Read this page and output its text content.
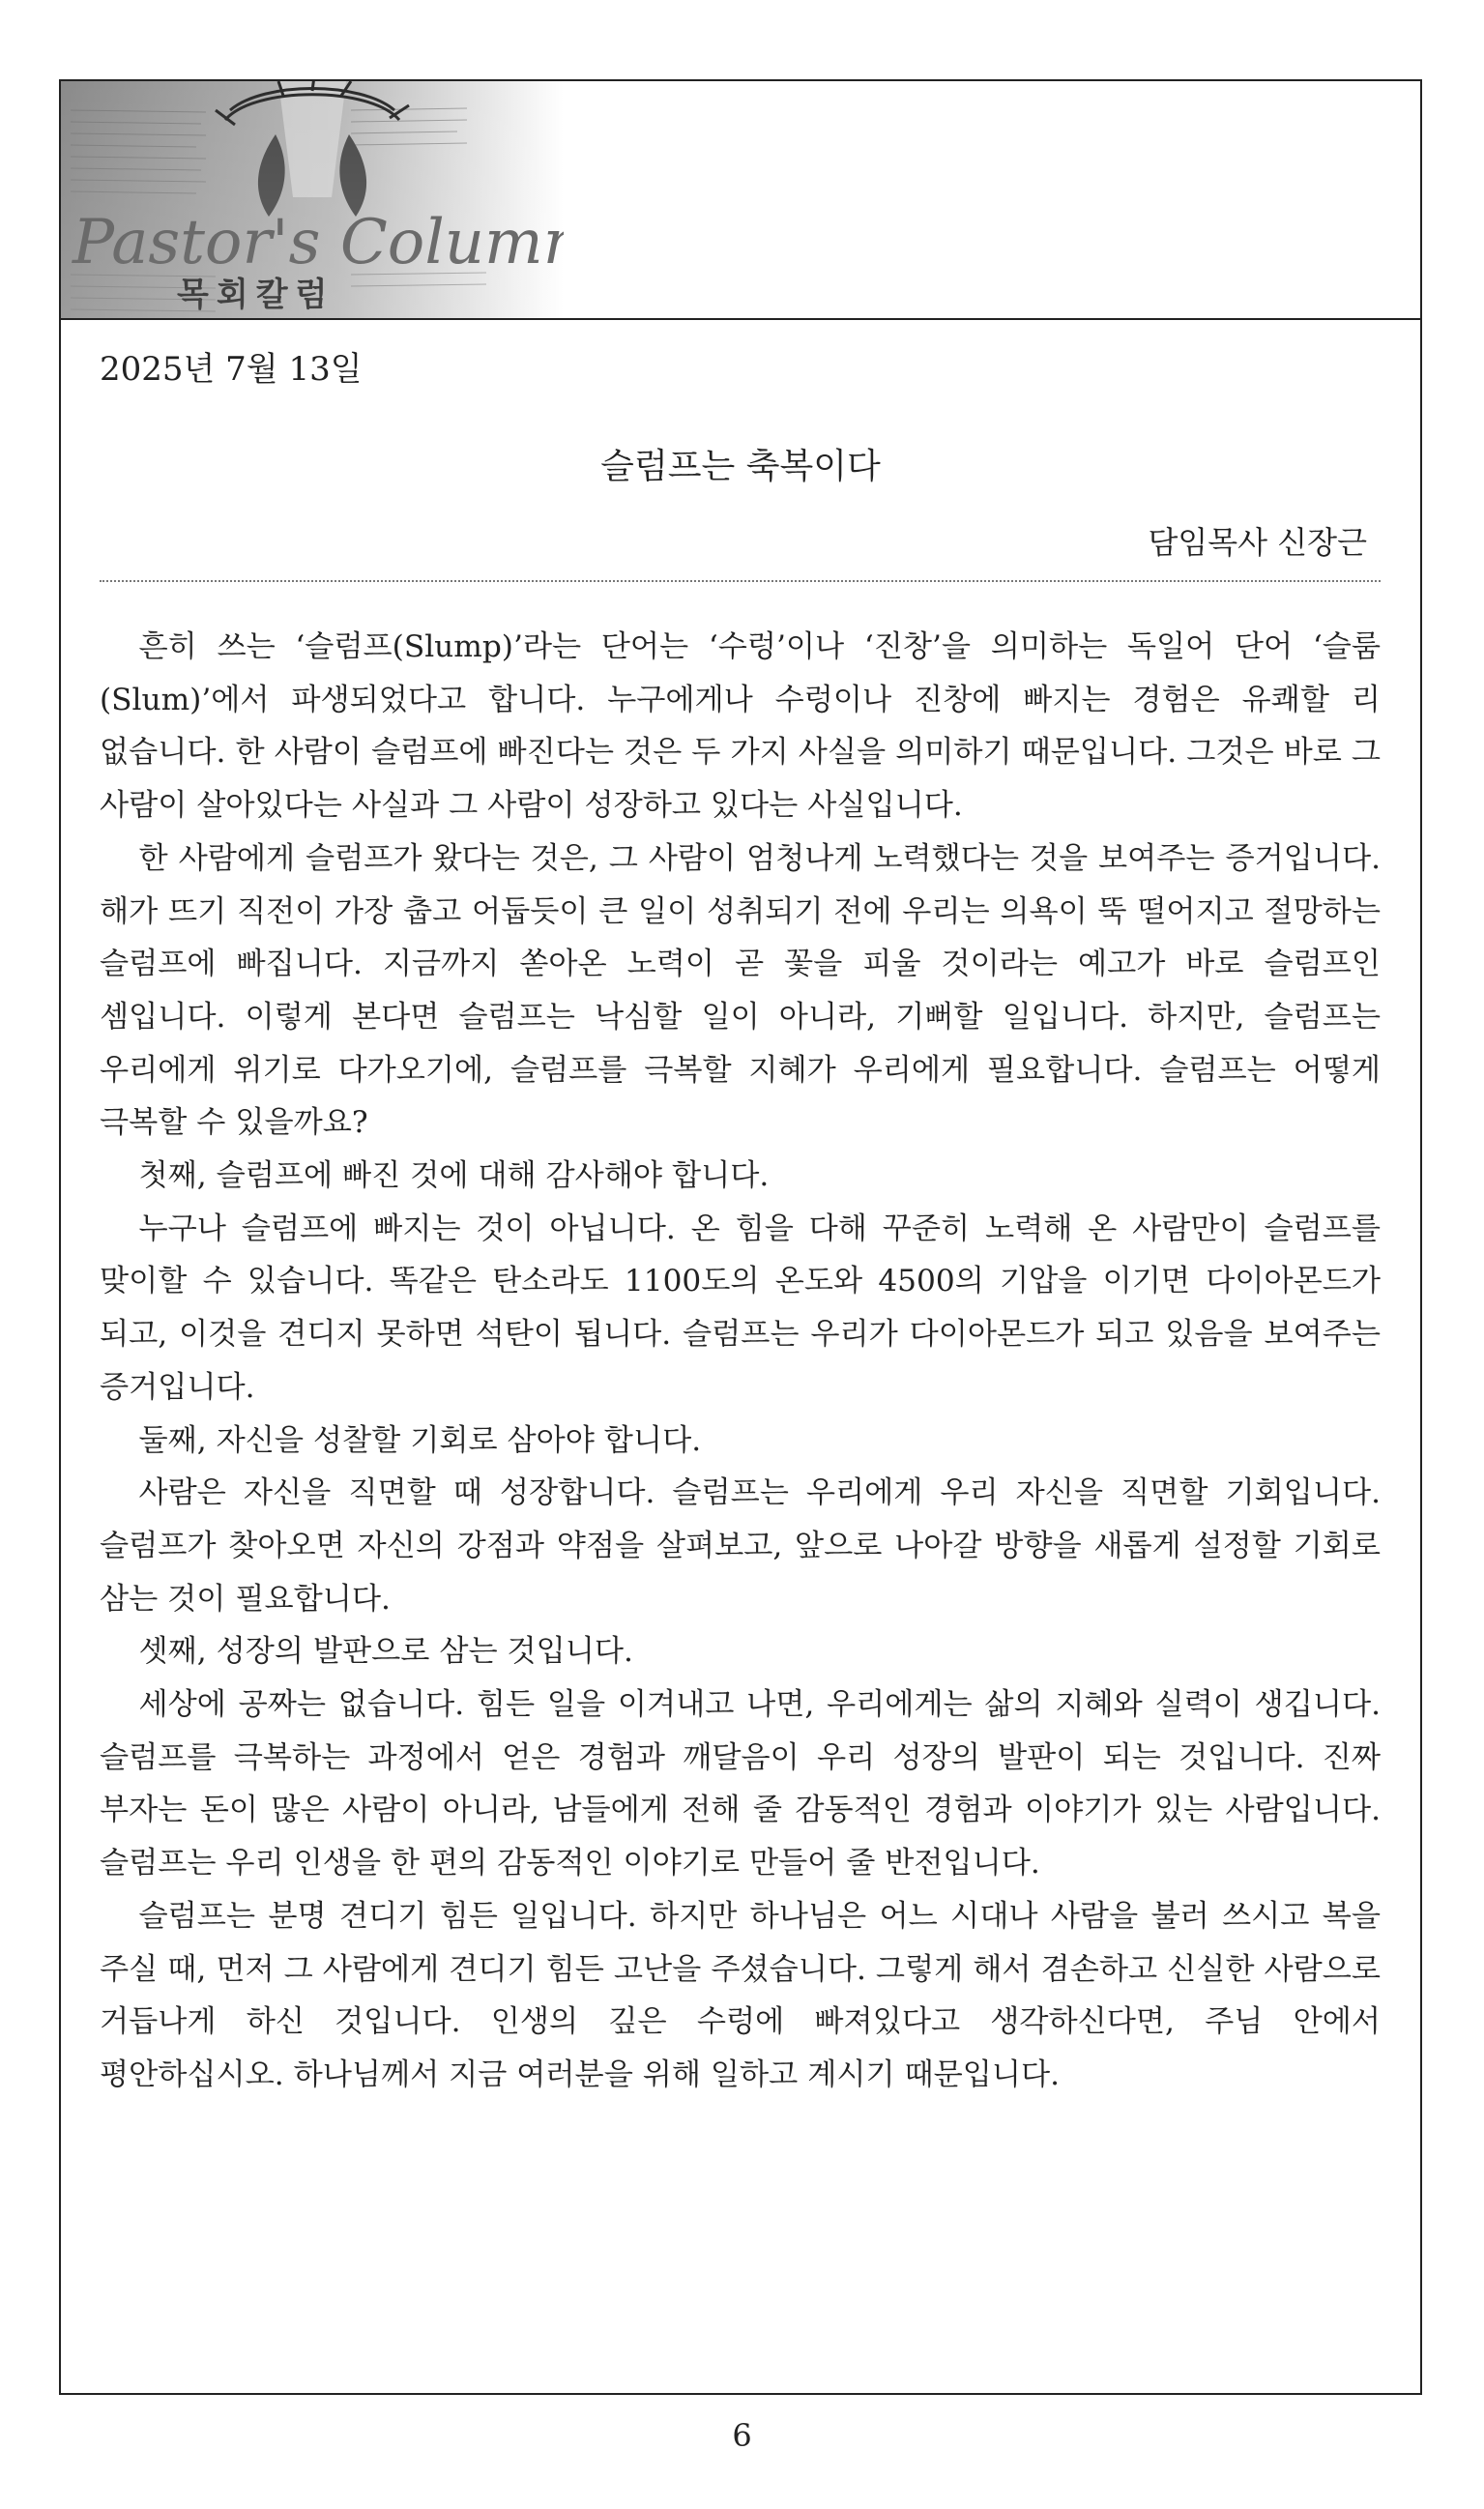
2025년 7월 13일
슬럼프는 축복이다
담임목사 신장근

흔히 쓰는 ‘슬럼프(Slump)’라는 단어는 ‘수렁’이나 ‘진창’을 의미하는 독일어 단어 ‘슬룸(Slum)’에서 파생되었다고 합니다. 누구에게나 수렁이나 진창에 빠지는 경험은 유쾌할 리 없습니다. 한 사람이 슬럼프에 빠진다는 것은 두 가지 사실을 의미하기 때문입니다. 그것은 바로 그 사람이 살아있다는 사실과 그 사람이 성장하고 있다는 사실입니다.

한 사람에게 슬럼프가 왔다는 것은, 그 사람이 엄청나게 노력했다는 것을 보여주는 증거입니다. 해가 뜨기 직전이 가장 춥고 어둡듯이 큰 일이 성취되기 전에 우리는 의욕이 뚝 떨어지고 절망하는 슬럼프에 빠집니다. 지금까지 쏟아온 노력이 곧 꽃을 피울 것이라는 예고가 바로 슬럼프인 셈입니다. 이렇게 본다면 슬럼프는 낙심할 일이 아니라, 기뻐할 일입니다. 하지만, 슬럼프는 우리에게 위기로 다가오기에, 슬럼프를 극복할 지혜가 우리에게 필요합니다. 슬럼프는 어떻게 극복할 수 있을까요?

첫째, 슬럼프에 빠진 것에 대해 감사해야 합니다.

누구나 슬럼프에 빠지는 것이 아닙니다. 온 힘을 다해 꾸준히 노력해 온 사람만이 슬럼프를 맞이할 수 있습니다. 똑같은 탄소라도 1100도의 온도와 4500의 기압을 이기면 다이아몬드가 되고, 이것을 견디지 못하면 석탄이 됩니다. 슬럼프는 우리가 다이아몬드가 되고 있음을 보여주는 증거입니다.

둘째, 자신을 성찰할 기회로 삼아야 합니다.

사람은 자신을 직면할 때 성장합니다. 슬럼프는 우리에게 우리 자신을 직면할 기회입니다. 슬럼프가 찾아오면 자신의 강점과 약점을 살펴보고, 앞으로 나아갈 방향을 새롭게 설정할 기회로 삼는 것이 필요합니다.

셋째, 성장의 발판으로 삼는 것입니다.

세상에 공짜는 없습니다. 힘든 일을 이겨내고 나면, 우리에게는 삶의 지혜와 실력이 생깁니다. 슬럼프를 극복하는 과정에서 얻은 경험과 깨달음이 우리 성장의 발판이 되는 것입니다. 진짜 부자는 돈이 많은 사람이 아니라, 남들에게 전해 줄 감동적인 경험과 이야기가 있는 사람입니다. 슬럼프는 우리 인생을 한 편의 감동적인 이야기로 만들어 줄 반전입니다.

슬럼프는 분명 견디기 힘든 일입니다. 하지만 하나님은 어느 시대나 사람을 불러 쓰시고 복을 주실 때, 먼저 그 사람에게 견디기 힘든 고난을 주셨습니다. 그렇게 해서 겸손하고 신실한 사람으로 거듭나게 하신 것입니다. 인생의 깊은 수렁에 빠져있다고 생각하신다면, 주님 안에서 평안하십시오. 하나님께서 지금 여러분을 위해 일하고 계시기 때문입니다.

6
